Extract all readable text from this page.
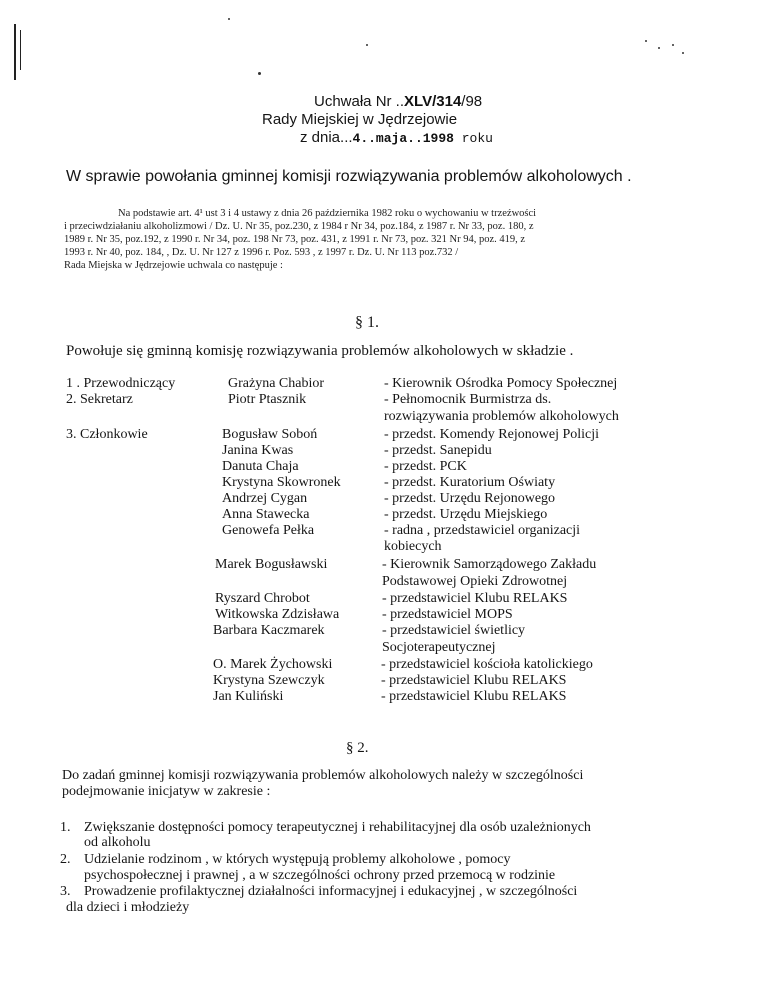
Uchwała Nr ..XLV/314/98
Rady Miejskiej w Jędrzejowie
z dnia...4..maja..1998 roku
W sprawie powołania gminnej komisji rozwiązywania problemów alkoholowych .
Na podstawie art. 4¹ ust 3 i 4 ustawy z dnia 26 października 1982 roku o wychowaniu w trzeźwości
i przeciwdziałaniu alkoholizmowi / Dz. U. Nr 35, poz.230, z 1984 r Nr 34, poz.184, z 1987 r. Nr 33, poz. 180, z
1989 r. Nr 35, poz.192, z 1990 r. Nr 34, poz. 198 Nr 73, poz. 431, z 1991 r. Nr 73, poz. 321 Nr 94, poz. 419, z
1993 r. Nr 40, poz. 184, , Dz. U. Nr 127 z 1996 r. Poz. 593 , z 1997 r. Dz. U. Nr 113 poz.732 /
Rada Miejska w Jędrzejowie uchwala co następuje :
§ 1.
Powołuje się gminną komisję rozwiązywania problemów alkoholowych w składzie .
1 . Przewodniczący	Grażyna Chabior	- Kierownik Ośrodka Pomocy Społecznej
2. Sekretarz	Piotr Ptasznik	- Pełnomocnik Burmistrza ds.
rozwiązywania problemów alkoholowych
3. Członkowie	Bogusław Soboń	- przedst. Komendy Rejonowej Policji
Janina Kwas	- przedst. Sanepidu
Danuta Chaja	- przedst. PCK
Krystyna Skowronek	- przedst. Kuratorium Oświaty
Andrzej Cygan	- przedst. Urzędu Rejonowego
Anna Stawecka	- przedst. Urzędu Miejskiego
Genowefa Pełka	- radna , przedstawiciel organizacji
kobiecych
Marek Bogusławski	- Kierownik Samorządowego Zakładu
Podstawowej Opieki Zdrowotnej
Ryszard Chrobot	- przedstawiciel Klubu RELAKS
Witkowska Zdzisława	- przedstawiciel MOPS
Barbara Kaczmarek	- przedstawiciel świetlicy
Socjoterapeutycznej
O. Marek Żychowski	- przedstawiciel kościoła katolickiego
Krystyna Szewczyk	- przedstawiciel Klubu RELAKS
Jan Kuliński	- przedstawiciel Klubu RELAKS
§ 2.
Do zadań gminnej komisji rozwiązywania problemów alkoholowych należy w szczególności
podejmowanie inicjatyw w zakresie :
1. Zwiększanie dostępności pomocy terapeutycznej i rehabilitacyjnej dla osób uzależnionych
od alkoholu
2. Udzielanie rodzinom , w których występują problemy alkoholowe , pomocy
psychospołecznej i prawnej , a w szczególności ochrony przed przemocą w rodzinie
3. Prowadzenie profilaktycznej działalności informacyjnej i edukacyjnej , w szczególności
dla dzieci i młodzieży
